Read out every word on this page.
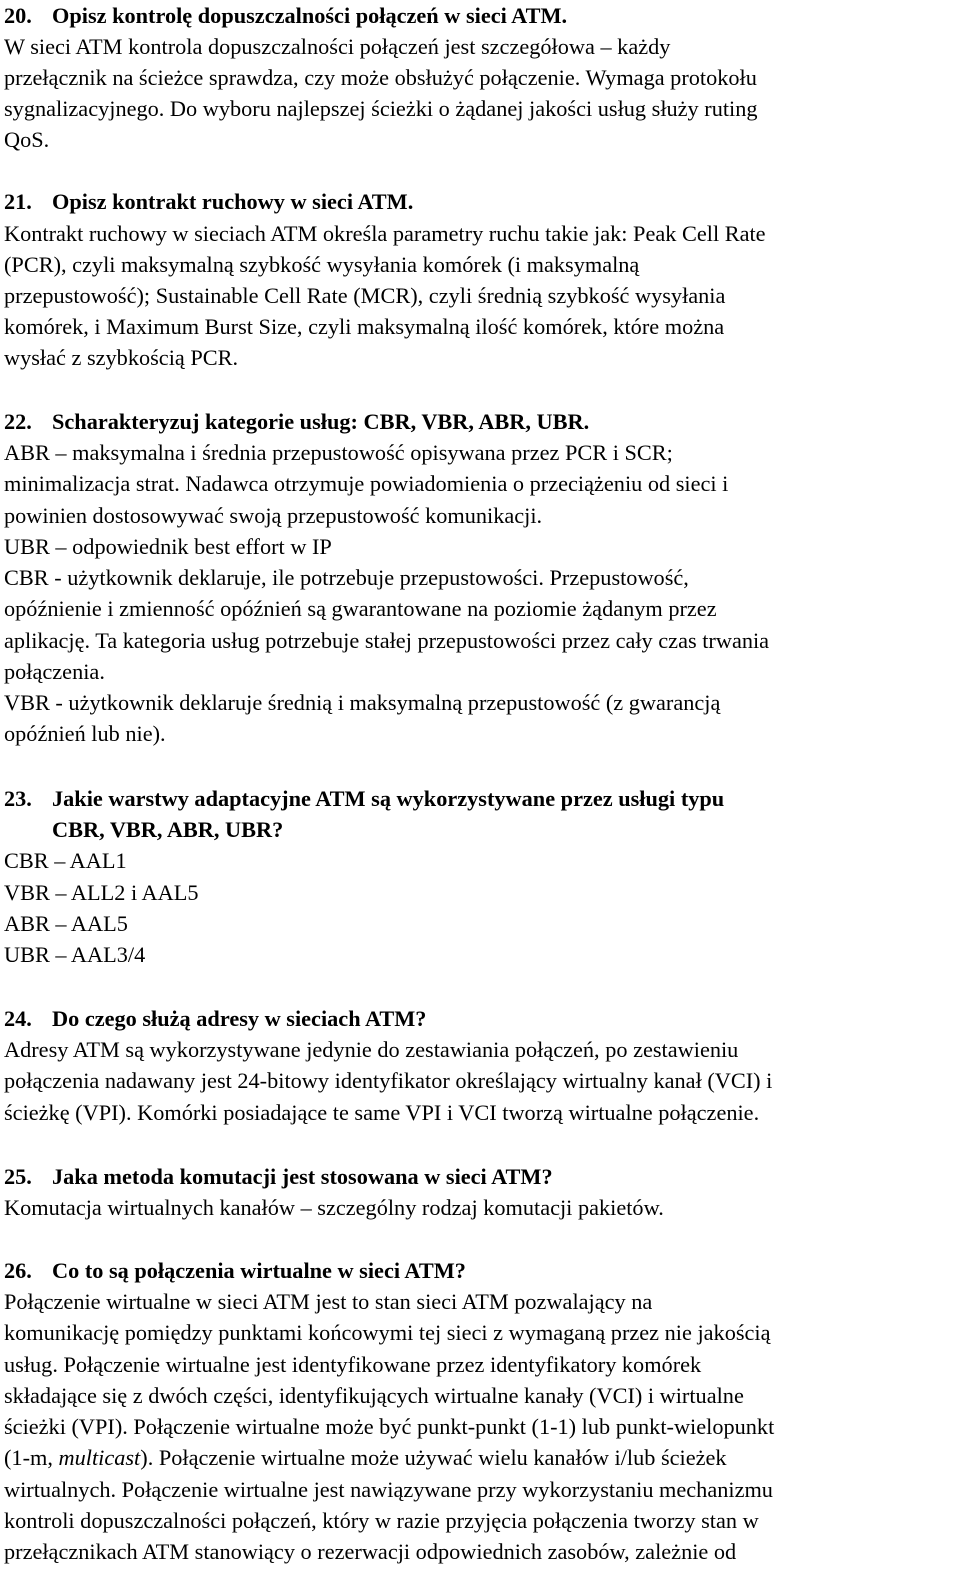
20. Opisz kontrolę dopuszczalności połączeń w sieci ATM.
W sieci ATM kontrola dopuszczalności połączeń jest szczegółowa – każdy
przełącznik na ścieżce sprawdza, czy może obsłużyć połączenie. Wymaga protokołu
sygnalizacyjnego. Do wyboru najlepszej ścieżki o żądanej jakości usług służy ruting
QoS.
21. Opisz kontrakt ruchowy w sieci ATM.
Kontrakt ruchowy w sieciach ATM określa parametry ruchu takie jak: Peak Cell Rate
(PCR), czyli maksymalną szybkość wysyłania komórek (i maksymalną
przepustowość); Sustainable Cell Rate (MCR), czyli średnią szybkość wysyłania
komórek, i Maximum Burst Size, czyli maksymalną ilość komórek, które można
wysłać z szybkością PCR.
22. Scharakteryzuj kategorie usług: CBR, VBR, ABR, UBR.
ABR – maksymalna i średnia przepustowość opisywana przez PCR i SCR;
minimalizacja strat. Nadawca otrzymuje powiadomienia o przeciążeniu od sieci i
powinien dostosowywać swoją przepustowość komunikacji.
UBR – odpowiednik best effort w IP
CBR - użytkownik deklaruje, ile potrzebuje przepustowości. Przepustowość,
opóźnienie i zmienność opóźnień są gwarantowane na poziomie żądanym przez
aplikację. Ta kategoria usług potrzebuje stałej przepustowości przez cały czas trwania
połączenia.
VBR - użytkownik deklaruje średnią i maksymalną przepustowość (z gwarancją
opóźnień lub nie).
23. Jakie warstwy adaptacyjne ATM są wykorzystywane przez usługi typu
CBR, VBR, ABR, UBR?
CBR – AAL1
VBR – ALL2 i AAL5
ABR – AAL5
UBR – AAL3/4
24. Do czego służą adresy w sieciach ATM?
Adresy ATM są wykorzystywane jedynie do zestawiania połączeń, po zestawieniu
połączenia nadawany jest 24-bitowy identyfikator określający wirtualny kanał (VCI) i
ścieżkę (VPI). Komórki posiadające te same VPI i VCI tworzą wirtualne połączenie.
25. Jaka metoda komutacji jest stosowana w sieci ATM?
Komutacja wirtualnych kanałów – szczególny rodzaj komutacji pakietów.
26. Co to są połączenia wirtualne w sieci ATM?
Połączenie wirtualne w sieci ATM jest to stan sieci ATM pozwalający na
komunikację pomiędzy punktami końcowymi tej sieci z wymaganą przez nie jakością
usług. Połączenie wirtualne jest identyfikowane przez identyfikatory komórek
składające się z dwóch części, identyfikujących wirtualne kanały (VCI) i wirtualne
ścieżki (VPI). Połączenie wirtualne może być punkt-punkt (1-1) lub punkt-wielopunkt
(1-m, multicast). Połączenie wirtualne może używać wielu kanałów i/lub ścieżek
wirtualnych. Połączenie wirtualne jest nawiązywane przy wykorzystaniu mechanizmu
kontroli dopuszczalności połączeń, który w razie przyjęcia połączenia tworzy stan w
przełącznikach ATM stanowiący o rezerwacji odpowiednich zasobów, zależnie od
